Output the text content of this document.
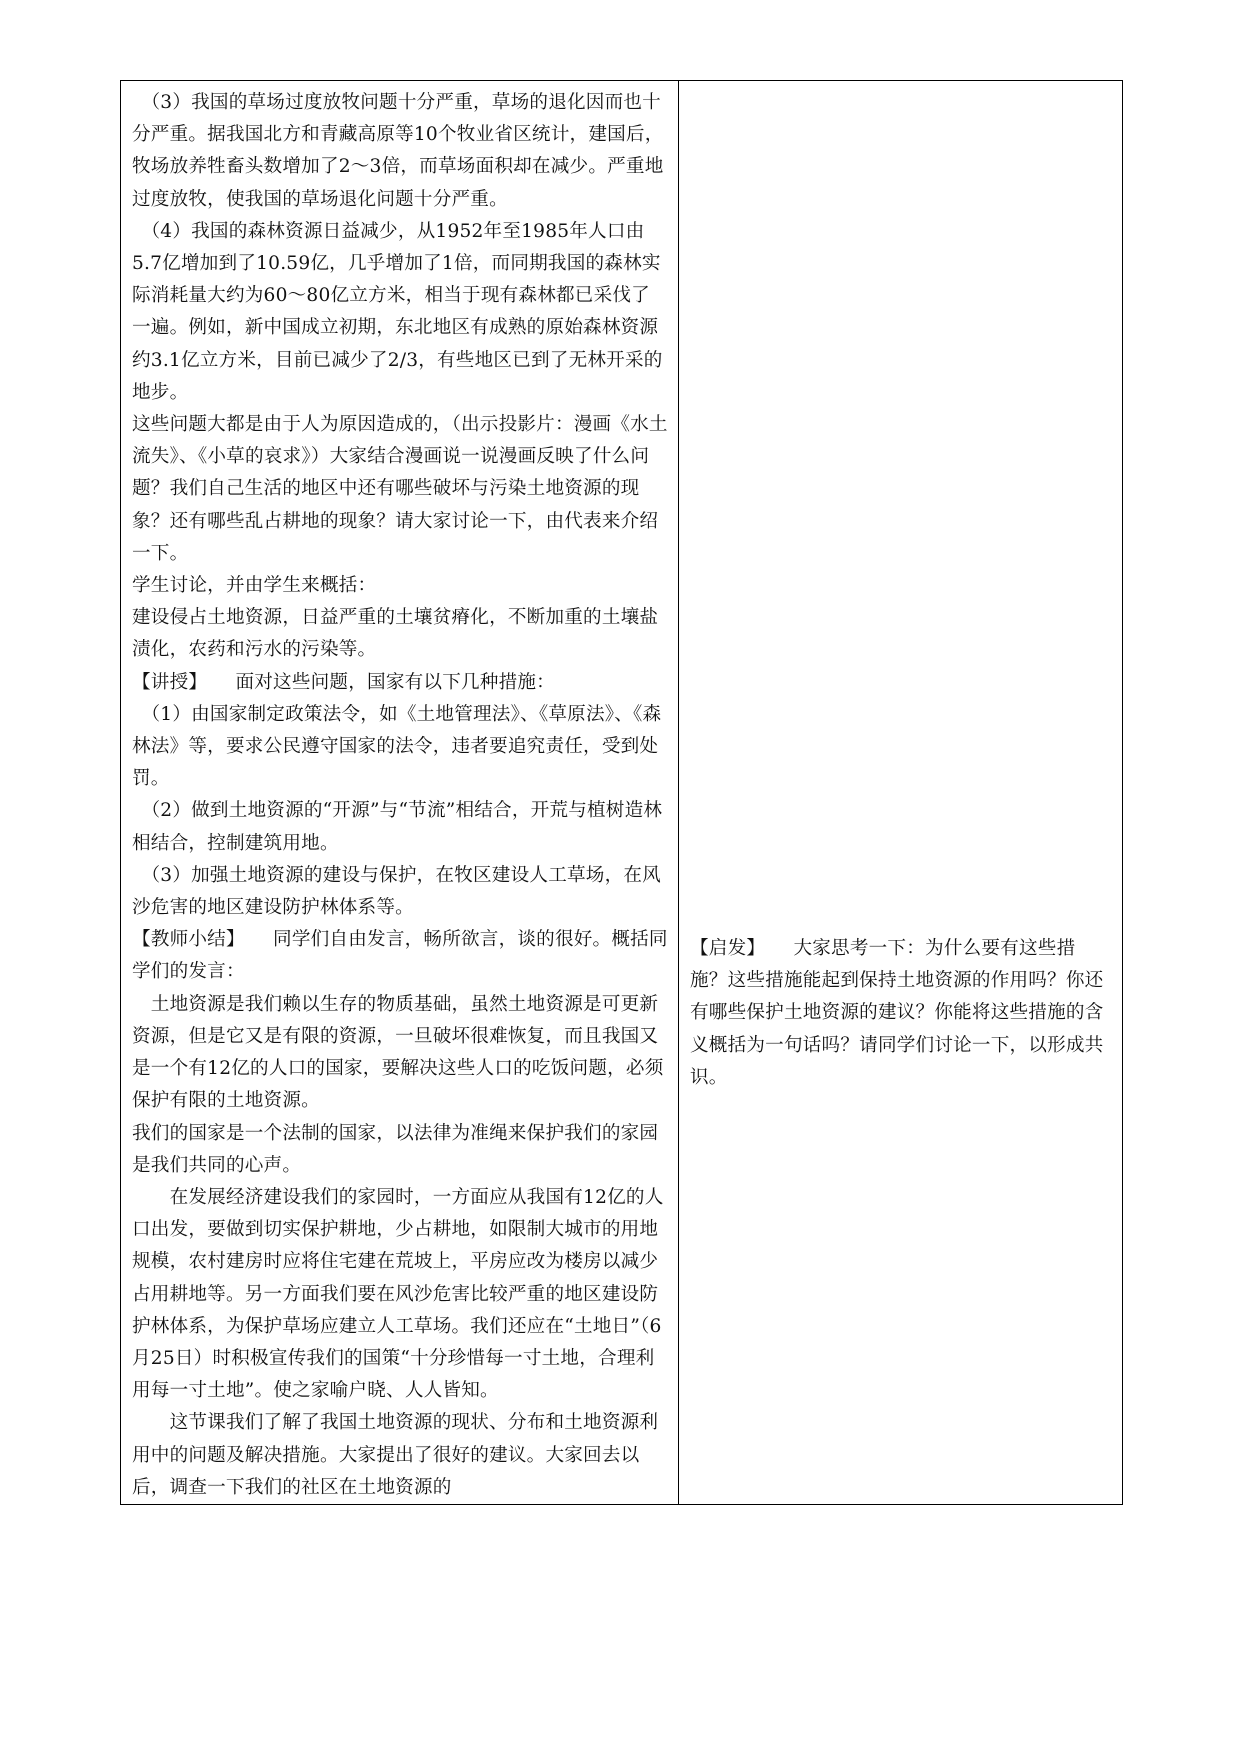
　（3）我国的草场过度放牧问题十分严重，草场的退化因而也十分严重。据我国北方和青藏高原等10个牧业省区统计，建国后，牧场放养牲畜头数增加了2～3倍，而草场面积却在减少。严重地过度放牧，使我国的草场退化问题十分严重。

　（4）我国的森林资源日益减少，从1952年至1985年人口由5.7亿增加到了10.59亿，几乎增加了1倍，而同期我国的森林实际消耗量大约为60～80亿立方米，相当于现有森林都已采伐了一遍。例如，新中国成立初期，东北地区有成熟的原始森林资源约3.1亿立方米，目前已减少了2/3，有些地区已到了无林开采的地步。

这些问题大都是由于人为原因造成的，（出示投影片：漫画《水土流失》、《小草的哀求》）大家结合漫画说一说漫画反映了什么问题？我们自己生活的地区中还有哪些破坏与污染土地资源的现象？还有哪些乱占耕地的现象？请大家讨论一下，由代表来介绍一下。

学生讨论，并由学生来概括：

建设侵占土地资源，日益严重的土壤贫瘠化，不断加重的土壤盐渍化，农药和污水的污染等。

【讲授】　　面对这些问题，国家有以下几种措施：

　（1）由国家制定政策法令，如《土地管理法》、《草原法》、《森林法》等，要求公民遵守国家的法令，违者要追究责任，受到处罚。

　（2）做到土地资源的“开源”与“节流”相结合，开荒与植树造林相结合，控制建筑用地。

　（3）加强土地资源的建设与保护，在牧区建设人工草场，在风沙危害的地区建设防护林体系等。

【教师小结】　　同学们自由发言，畅所欲言，谈的很好。概括同学们的发言：

　土地资源是我们赖以生存的物质基础，虽然土地资源是可更新资源，但是它又是有限的资源，一旦破坏很难恢复，而且我国又是一个有12亿的人口的国家，要解决这些人口的吃饭问题，必须保护有限的土地资源。

我们的国家是一个法制的国家，以法律为准绳来保护我们的家园是我们共同的心声。

　　在发展经济建设我们的家园时，一方面应从我国有12亿的人口出发，要做到切实保护耕地，少占耕地，如限制大城市的用地规模，农村建房时应将住宅建在荒坡上，平房应改为楼房以减少占用耕地等。另一方面我们要在风沙危害比较严重的地区建设防护林体系，为保护草场应建立人工草场。我们还应在“土地日”（6月25日）时积极宣传我们的国策“十分珍惜每一寸土地，合理利用每一寸土地”。使之家喻户晓、人人皆知。

　　这节课我们了解了我国土地资源的现状、分布和土地资源利用中的问题及解决措施。大家提出了很好的建议。大家回去以后，调查一下我们的社区在土地资源的

【启发】　　大家思考一下：为什么要有这些措施？这些措施能起到保持土地资源的作用吗？你还有哪些保护土地资源的建议？你能将这些措施的含义概括为一句话吗？请同学们讨论一下，以形成共识。
